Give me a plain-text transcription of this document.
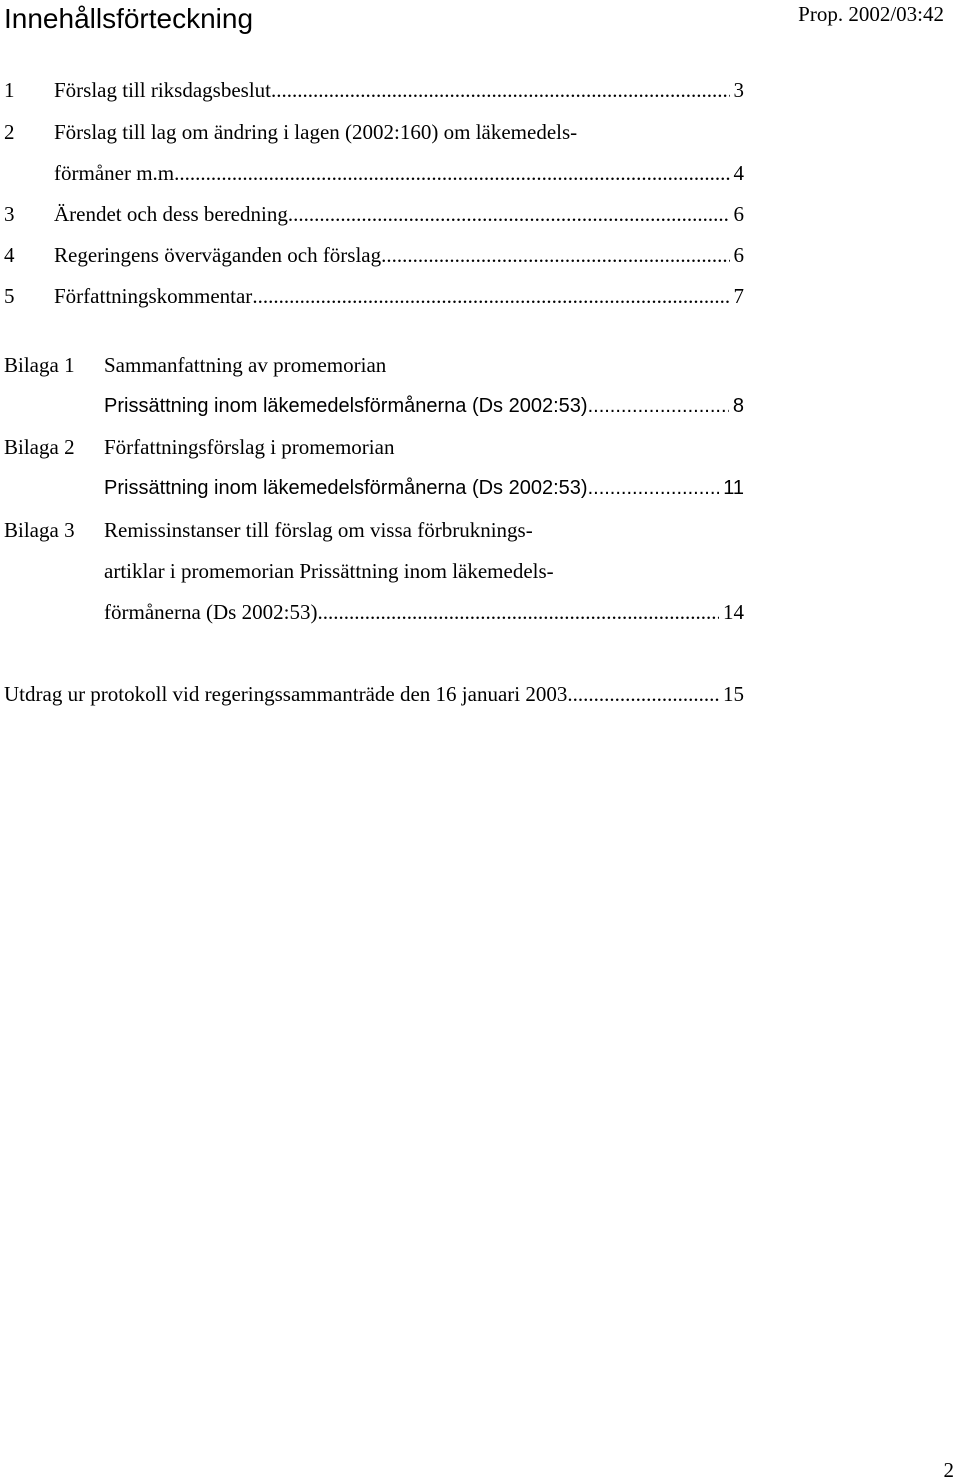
Innehållsförteckning	Prop. 2002/03:42
1 Förslag till riksdagsbeslut .....	3
2 Förslag till lag om ändring i lagen (2002:160) om läkemedels-
förmåner m.m. .....	4
3 Ärendet och dess beredning .....	6
4 Regeringens överväganden och förslag .....	6
5 Författningskommentar .....	7
Bilaga 1 Sammanfattning av promemorian
Prissättning inom läkemedelsförmånerna (Ds 2002:53) .....	8
Bilaga 2 Författningsförslag i promemorian
Prissättning inom läkemedelsförmånerna (Ds 2002:53) .....	11
Bilaga 3 Remissinstanser till förslag om vissa förbruknings-
artiklar i promemorian Prissättning inom läkemedels-
förmånerna (Ds 2002:53) .....	14
Utdrag ur protokoll vid regeringssammanträde den 16 januari 2003 .....	15
2
